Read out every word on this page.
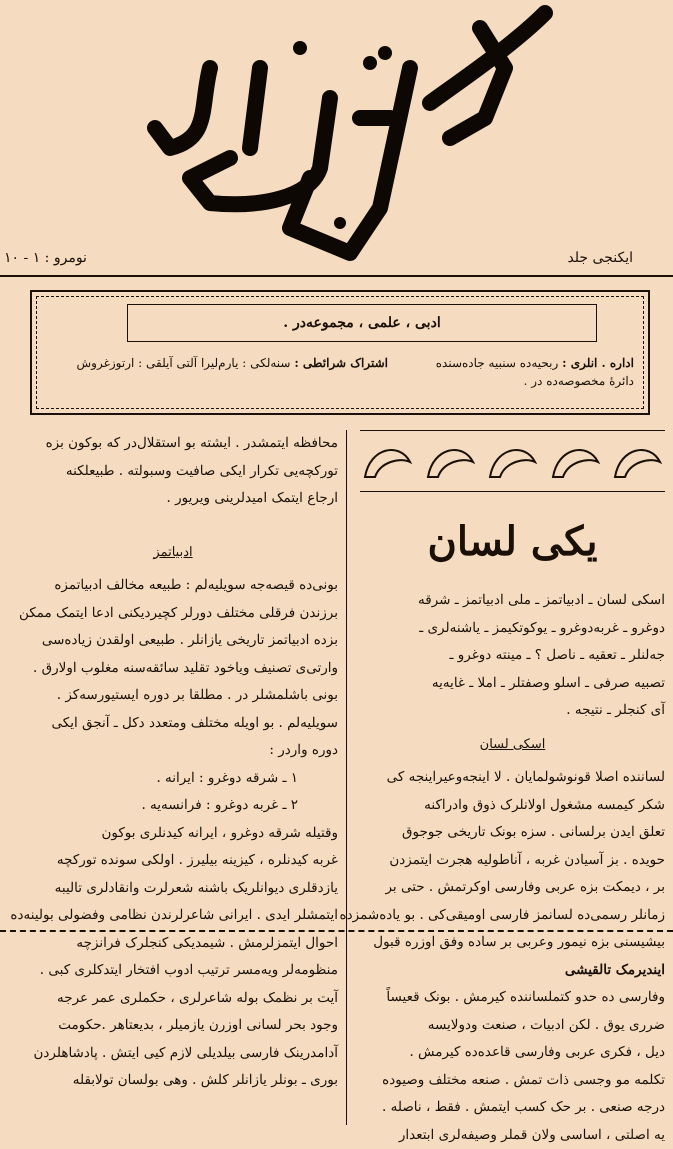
ایکنجی جلد
نومرو : ۱ - ۱۰
ادبی ، علمی ، مجموعه‌در .
اداره . انلری : ربحیه‌ده سنبیه جاده‌سنده دائرهٔ مخصوصه‌ده در .
اشتراک شرائطی : سنه‌لکی : یارم‌لیرا آلتی آیلقی : ارتوزغروش

محافظه ایتمشدر . ایشته بو استقلال‌در که بوکون بزه

تورکچه‌یی تکرار ایکی صافیت وسبولته . طبیعلکنه

ارجاع ایتمک امیدلرینی ویریور .

ادبیاتمز

بونی‌ده قیصه‌جه سویلیه‌لم : طبیعه مخالف ادبیاتمزه

برزندن فرقلی مختلف دورلر کچیردیکنی ادعا ایتمک ممکن

بزده ادبیاتمز تاریخی یازانلر . طبیعی اولقدن زیاده‌سی

وارتی‌ی تصنیف ویا‌خود تقلید سائقه‌سنه مغلوب اولارق .

بونی باشلمشلر در . مطلقا بر دوره ایستیورسه‌کز .

سویلیه‌لم . بو اویله مختلف ومتعدد دکل ـ آنجق ایکی

دوره واردر :

۱ ـ شرقه دوغرو : ایرانه .

۲ ـ غربه دوغرو : فرانسه‌یه .

وقتیله شرقه دوغرو ، ایرانه کیدنلری بوکون

غربه کیدنلره ، کیزینه بیلیرز . اولکی سونده تورکچه

یازدقلری دیوانلریک باشنه شعرلرت وانقادلری تالیبه

ایتمشلر ایدی . ایرانی شاعرلرندن نظامی وفضولی بولینه‌ده

احوال ایتمزلرمش . شیمدیکی کنجلرک فرانزچه

منظومه‌لر ویه‌مسر ترتیب ادوب افتخار ایتدکلری کبی .

آیت بر نظمک بوله شاعرلری ، حکملری عمر عرجه

وجود بحر لسانی اوزرن یازمیلر ، بدیعتاهر .حکومت

آدامدرینک فارسی بیلدیلی لازم کیی ایتش . پادشاهلردن

بوری ـ بونلر یازانلر کلش . وهی بولسان تولابقله

یکی لسان

اسکی لسان ـ ادبیاتمز ـ ملی ادبیاتمز ـ شرقه

دوغرو ـ غربه‌دوغرو ـ یوکوتکیمز ـ یاشنه‌لری ـ

جه‌لنلر ـ تعقیه ـ ناصل ؟ ـ مینته دوغرو ـ

تصبیه صرفی ـ اسلو وصفتلر ـ املا ـ غایه‌یه

آی کنجلر ـ نتیجه .

اسکی لسان

لساننده اصلا قونوشولمایان . لا اینجه‌وعیراینجه کی

شکر کیمسه مشغول اولانلرک ذوق وادراکنه

تعلق ایدن برلسانی . سزه بونک تاریخی جوجوق

حویده . بز آسیادن غربه ، آناطولیه هجرت ایتمزدن

بر ، دیمکت بزه عربی وفارسی اوکرتمش . حتی بر

زمانلر رسمی‌ده لسانمز فارسی اومیقی‌کی . بو یاده‌شمزده

بیشیسنی بزه نیمور وعربی بر ساده وفق اوزره قبول

ایندیرمک تالقیشی

وفارسی ده حدو کتملساننده کیرمش . بونک قعیساً

ضرری یوق . لکن ادبیات ، صنعت ودولایسه

دیل ، فکری عربی وفارسی قاعده‌ده کیرمش .

تکلمه مو وجسی ذات تمش . صنعه مختلف وصیوده

درجه صنعی . بر حک کسب ایتمش . فقط ، ناصله .

یه اصلتی ، اساسی ولان قملر وصیفه‌لری ابتعدار
